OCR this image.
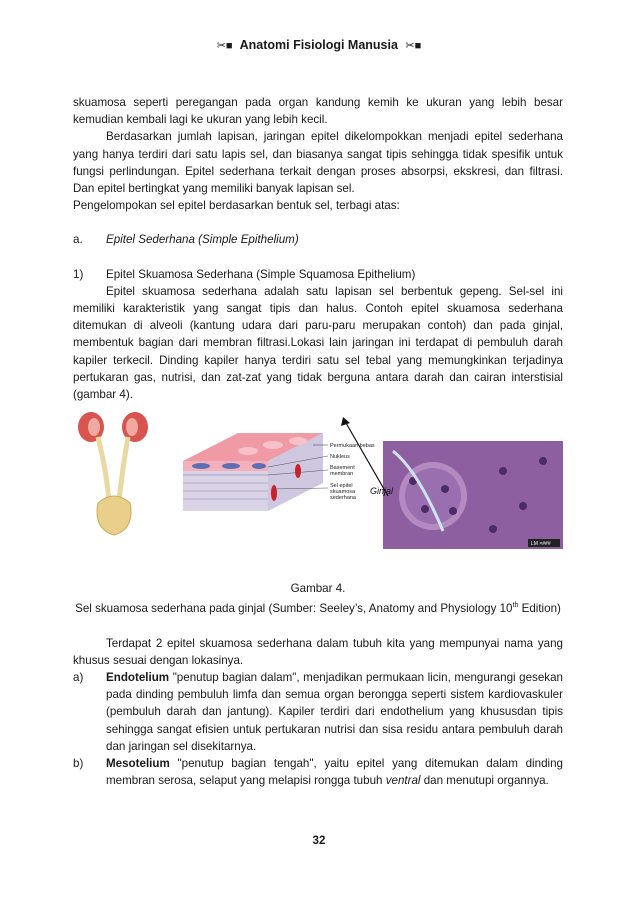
✂■ Anatomi Fisiologi Manusia ✂■

skuamosa seperti peregangan pada organ kandung kemih ke ukuran yang lebih besar kemudian kembali lagi ke ukuran yang lebih kecil.

Berdasarkan jumlah lapisan, jaringan epitel dikelompokkan menjadi epitel sederhana yang hanya terdiri dari satu lapis sel, dan biasanya sangat tipis sehingga tidak spesifik untuk fungsi perlindungan. Epitel sederhana terkait dengan proses absorpsi, ekskresi, dan filtrasi. Dan epitel bertingkat yang memiliki banyak lapisan sel.

Pengelompokan sel epitel berdasarkan bentuk sel, terbagi atas:

a.	Epitel Sederhana (Simple Epithelium)
1)	Epitel Skuamosa Sederhana (Simple Squamosa Epithelium)

Epitel skuamosa sederhana adalah satu lapisan sel berbentuk gepeng. Sel-sel ini memiliki karakteristik yang sangat tipis dan halus. Contoh epitel skuamosa sederhana ditemukan di alveoli (kantung udara dari paru-paru merupakan contoh) dan pada ginjal, membentuk bagian dari membran filtrasi.Lokasi lain jaringan ini terdapat di pembuluh darah kapiler terkecil. Dinding kapiler hanya terdiri satu sel tebal yang memungkinkan terjadinya pertukaran gas, nutrisi, dan zat-zat yang tidak berguna antara darah dan cairan interstisial (gambar 4).

LM ×###
Permukaan bebas
Nukleus
Basement
membran
Sel epitel
skuamosa
sederhana
Ginjal

Gambar 4.

Sel skuamosa sederhana pada ginjal (Sumber: Seeley’s, Anatomy and Physiology 10th Edition)

Terdapat 2 epitel skuamosa sederhana dalam tubuh kita yang mempunyai nama yang khusus sesuai dengan lokasinya.

a)	Endotelium "penutup bagian dalam", menjadikan permukaan licin, mengurangi gesekan pada dinding pembuluh limfa dan semua organ berongga seperti sistem kardiovaskuler (pembuluh darah dan jantung). Kapiler terdiri dari endothelium yang khususdan tipis sehingga sangat efisien untuk pertukaran nutrisi dan sisa residu antara pembuluh darah dan jaringan sel disekitarnya.
b)	Mesotelium "penutup bagian tengah", yaitu epitel yang ditemukan dalam dinding membran serosa, selaput yang melapisi rongga tubuh ventral dan menutupi organnya.
32
